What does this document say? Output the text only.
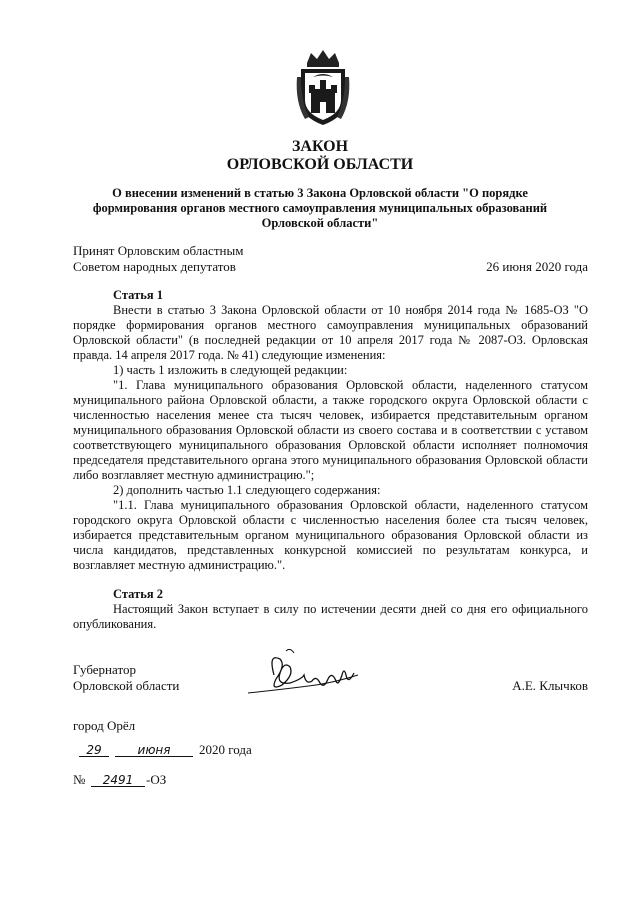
ЗАКОН
ОРЛОВСКОЙ ОБЛАСТИ
О внесении изменений в статью 3 Закона Орловской области "О порядке
формирования органов местного самоуправления муниципальных образований
Орловской области"
Принят Орловским областным
Советом народных депутатов	26 июня 2020 года

Статья 1

Внести в статью 3 Закона Орловской области от 10 ноября 2014 года № 1685-ОЗ "О порядке формирования органов местного самоуправления муниципальных образований Орловской области" (в последней редакции от 10 апреля 2017 года № 2087-ОЗ. Орловская правда. 14 апреля 2017 года. № 41) следующие изменения:

1) часть 1 изложить в следующей редакции:

"1. Глава муниципального образования Орловской области, наделенного статусом муниципального района Орловской области, а также городского округа Орловской области с численностью населения менее ста тысяч человек, избирается представительным органом муниципального образования Орловской области из своего состава и в соответствии с уставом соответствующего муниципального образования Орловской области исполняет полномочия председателя представительного органа этого муниципального образования Орловской области либо возглавляет местную администрацию.";

2) дополнить частью 1.1 следующего содержания:

"1.1. Глава муниципального образования Орловской области, наделенного статусом городского округа Орловской области с численностью населения более ста тысяч человек, избирается представительным органом муниципального образования Орловской области из числа кандидатов, представленных конкурсной комиссией по результатам конкурса, и возглавляет местную администрацию.".

Статья 2

Настоящий Закон вступает в силу по истечении десяти дней со дня его официального опубликования.

Губернатор
Орловской области	А.Е. Клычков
город Орёл
29	июня	2020 года
№	2491 -ОЗ
